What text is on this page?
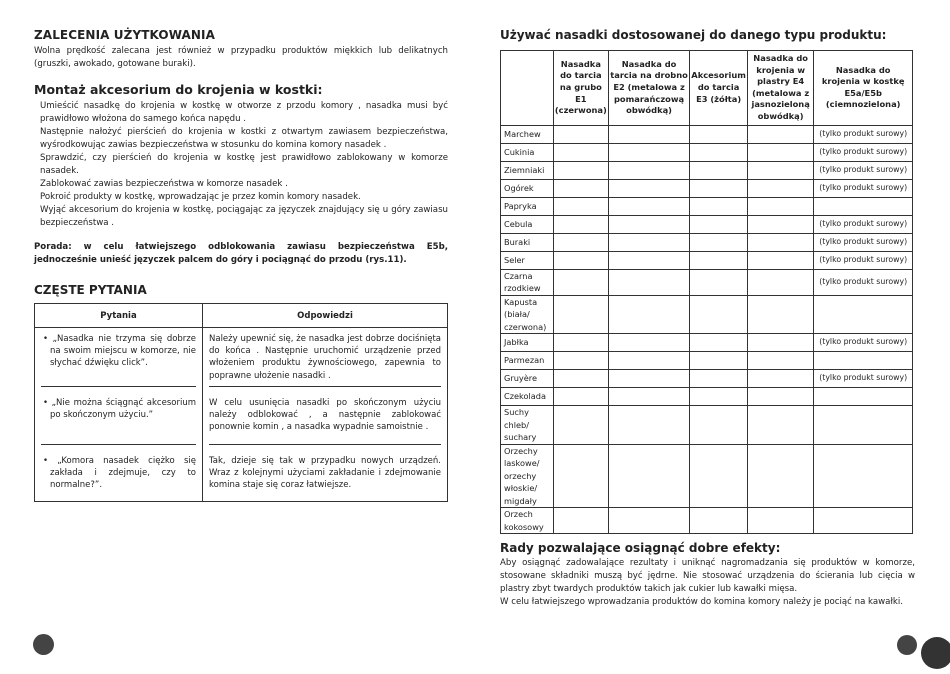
ZALECENIA UŻYTKOWANIA
Wolna prędkość zalecana jest również w przypadku produktów miękkich lub delikatnych (gruszki, awokado, gotowane buraki).
Montaż akcesorium do krojenia w kostki:
Umieścić nasadkę do krojenia w kostkę w otworze z przodu komory , nasadka musi być prawidłowo włożona do samego końca napędu .
Następnie nałożyć pierścień do krojenia w kostki z otwartym zawiasem bezpieczeństwa, wyśrodkowując zawias bezpieczeństwa w stosunku do komina komory nasadek .
Sprawdzić, czy pierścień do krojenia w kostkę jest prawidłowo zablokowany w komorze nasadek.
Zablokować zawias bezpieczeństwa w komorze nasadek .
Pokroić produkty w kostkę, wprowadzając je przez komin komory nasadek.
Wyjąć akcesorium do krojenia w kostkę, pociągając za języczek znajdujący się u góry zawiasu bezpieczeństwa .
Porada: w celu łatwiejszego odblokowania zawiasu bezpieczeństwa E5b, jednocześnie unieść języczek palcem do góry i pociągnąć do przodu (rys.11).
CZĘSTE PYTANIA
Pytania	Odpowiedzi

• „Nasadka nie trzyma się dobrze na swoim miejscu w komorze, nie słychać dźwięku click”.	Należy upewnić się, że nasadka jest dobrze dociśnięta do końca . Następnie uruchomić urządzenie przed włożeniem produktu żywnościowego, zapewnia to poprawne ułożenie nasadki .

• „Nie można ściągnąć akcesorium po skończonym użyciu.”	W celu usunięcia nasadki po skończonym użyciu należy odblokować , a następnie zablokować ponownie komin , a nasadka wypadnie samoistnie .

• „Komora nasadek ciężko się zakłada i zdejmuje, czy to normalne?”.	Tak, dzieje się tak w przypadku nowych urządzeń. Wraz z kolejnymi użyciami zakładanie i zdejmowanie komina staje się coraz łatwiejsze.
Używać nasadki dostosowanej do danego typu produktu:
	Nasadka do tarcia na grubo E1 (czerwona)	Nasadka do tarcia na drobno E2 (metalowa z pomarańczową obwódką)	Akcesorium do tarcia E3 (żółta)	Nasadka do krojenia w plastry E4 (metalowa z jasnozieloną obwódką)	Nasadka do krojenia w kostkę E5a/E5b (ciemnozielona)
Marchew					(tylko produkt surowy)
Cukinia					(tylko produkt surowy)
Ziemniaki					(tylko produkt surowy)
Ogórek					(tylko produkt surowy)
Papryka					
Cebula					(tylko produkt surowy)
Buraki					(tylko produkt surowy)
Seler					(tylko produkt surowy)
Czarna rzodkiew					(tylko produkt surowy)
Kapusta (biała/ czerwona)					
Jabłka					(tylko produkt surowy)
Parmezan					
Gruyère					(tylko produkt surowy)
Czekolada					
Suchy chleb/ suchary					
Orzechy laskowe/ orzechy włoskie/ migdały					
Orzech kokosowy					
Rady pozwalające osiągnąć dobre efekty:
Aby osiągnąć zadowalające rezultaty i uniknąć nagromadzania się produktów w komorze, stosowane składniki muszą być jędrne. Nie stosować urządzenia do ścierania lub cięcia w plastry zbyt twardych produktów takich jak cukier lub kawałki mięsa.
W celu łatwiejszego wprowadzania produktów do komina komory należy je pociąć na kawałki.
